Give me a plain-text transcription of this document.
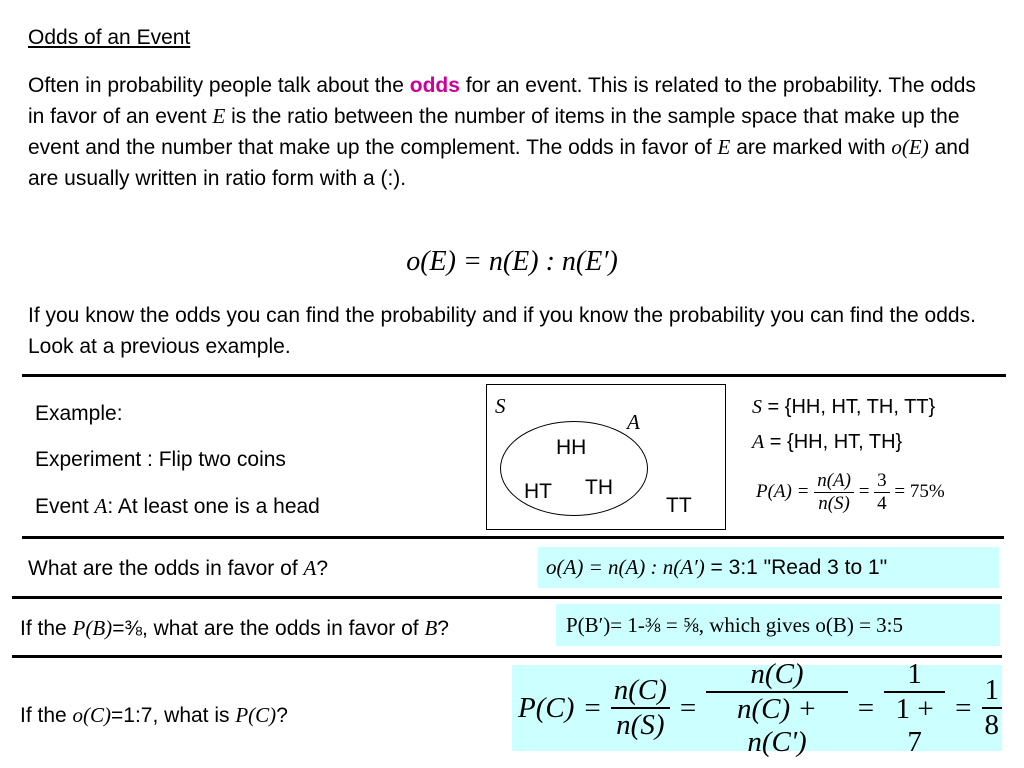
Odds of an Event
Often in probability people talk about the odds for an event. This is related to the probability. The odds in favor of an event E is the ratio between the number of items in the sample space that make up the event and the number that make up the complement. The odds in favor of E are marked with o(E) and are usually written in ratio form with a (:).
o(E) = n(E) : n(E′)
If you know the odds you can find the probability and if you know the probability you can find the odds. Look at a previous example.
Example:
Experiment : Flip two coins
Event A: At least one is a head
S
A
HH
TH
HT
TT
S = {HH, HT, TH, TT}
A = {HH, HT, TH}
$P(A) = \frac{n(A)}{n(S)} = \frac{3}{4} = 75\%$
What are the odds in favor of A?	o(A) = n(A) : n(A′) = 3:1 "Read 3 to 1"
If the P(B)=⅜, what are the odds in favor of B?	P(B′)= 1-⅜ = ⅝, which gives o(B) = 3:5
If the o(C)=1:7, what is P(C)?	$P(C) = \frac{n(C)}{n(S)} = \frac{n(C)}{n(C) + n(C')} = \frac{1}{1 + 7} = \frac{1}{8}$
